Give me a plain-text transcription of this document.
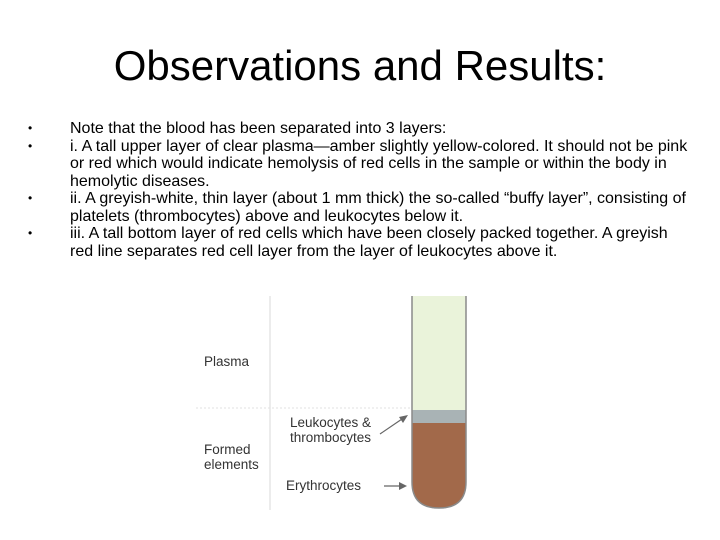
Observations and Results:
• Note that the blood has been separated into 3 layers:
• i. A tall upper layer of clear plasma—amber slightly yellow-colored. It should not be pink or red which would indicate hemolysis of red cells in the sample or within the body in hemolytic diseases.
• ii. A greyish-white, thin layer (about 1 mm thick) the so-called “buffy layer”, consisting of platelets (thrombocytes) above and leukocytes below it.
• iii. A tall bottom layer of red cells which have been closely packed together. A greyish red line separates red cell layer from the layer of leukocytes above it.
Plasma
Leukocytes &
thrombocytes
Formed
elements
Erythrocytes
